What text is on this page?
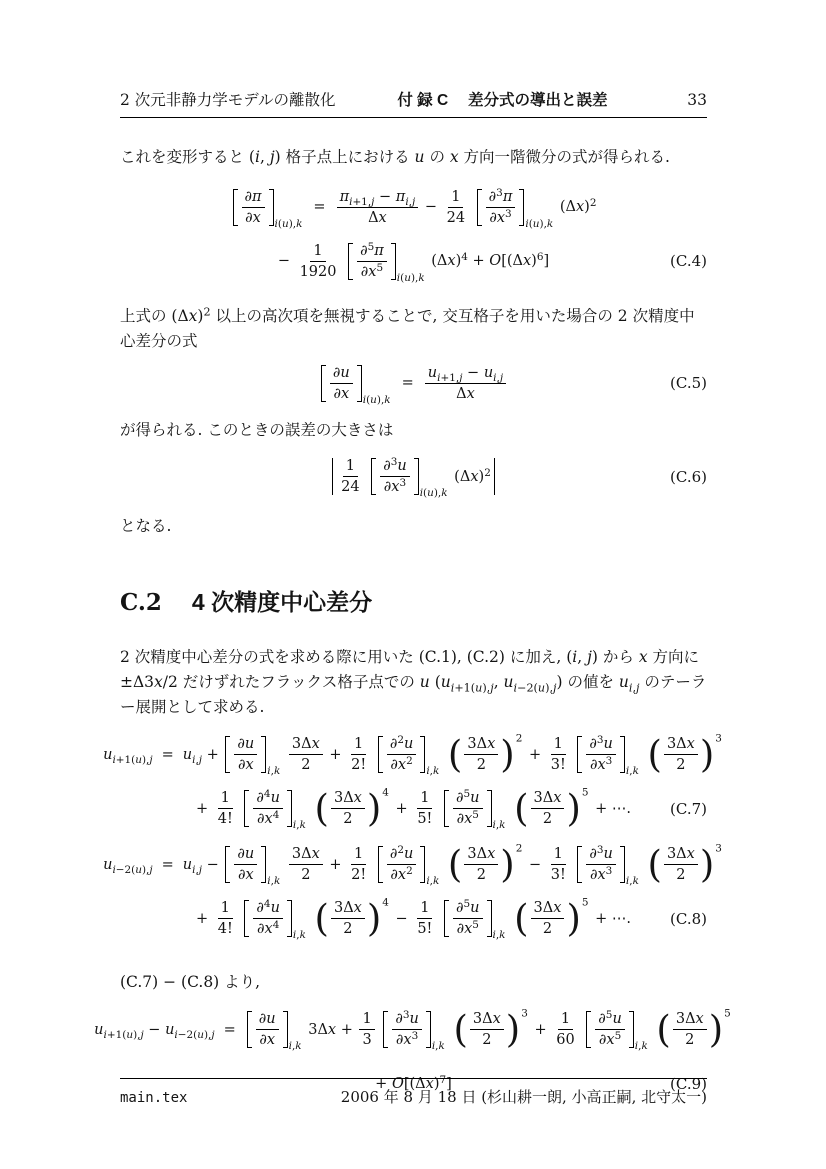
2 次元非静力学モデルの離散化	付 録 C　 差分式の導出と誤差	33

これを変形すると (i, j) 格子点上における u の x 方向一階微分の式が得られる.

$\frac{\partial\pi}{\partial x} i(u),k$
= $\frac{\pi_{i+1,j} - \pi_{i,j}}{\Delta x} - \frac{1}{24}$
$\frac{\partial^3\pi}{\partial x^3} i(u),k$
$(\Delta x)^2$
− $\frac{1}{1920}$
$\frac{\partial^5\pi}{\partial x^5} i(u),k$
$(\Delta x)^4 + O[(\Delta x)^6]$	(C.4)

上式の $(\Delta x)^2$ 以上の高次項を無視することで, 交互格子を用いた場合の 2 次精度中心差分の式

$\frac{\partial u}{\partial x} i(u),k$
= $\frac{u_{i+1,j} - u_{i,j}}{\Delta x}$	(C.5)

が得られる. このときの誤差の大きさは

$\frac{1}{24}$
$\frac{\partial^3u}{\partial x^3} i(u),k$
$(\Delta x)^2$	(C.6)

となる.

C.2 4 次精度中心差分

2 次精度中心差分の式を求める際に用いた (C.1), (C.2) に加え, (i, j) から x 方向に ±Δ3x/2 だけずれたフラックス格子点での u ($u_{i+1(u),j}$, $u_{i-2(u),j}$) の値を $u_{i,j}$ のテーラー展開として求める.

$u_{i+1(u),j} = u_{i,j} + \frac{\partial u}{\partial x} i,k$
$\frac{3\Delta x}{2} + \frac{1}{2!}$
$\frac{\partial^2u}{\partial x^2} i,k$
( $\frac{3\Delta x}{2}$ ) 2
+ $\frac{1}{3!}$
$\frac{\partial^3u}{\partial x^3} i,k$
( $\frac{3\Delta x}{2}$ ) 3
+ $\frac{1}{4!}$
$\frac{\partial^4u}{\partial x^4} i,k$
( $\frac{3\Delta x}{2}$ ) 4
+ $\frac{1}{5!}$
$\frac{\partial^5u}{\partial x^5} i,k$
( $\frac{3\Delta x}{2}$ ) 5
+ ⋯.	(C.7)
$u_{i-2(u),j} = u_{i,j} - \frac{\partial u}{\partial x} i,k$
$\frac{3\Delta x}{2} + \frac{1}{2!}$
$\frac{\partial^2u}{\partial x^2} i,k$
( $\frac{3\Delta x}{2}$ ) 2
− $\frac{1}{3!}$
$\frac{\partial^3u}{\partial x^3} i,k$
( $\frac{3\Delta x}{2}$ ) 3
+ $\frac{1}{4!}$
$\frac{\partial^4u}{\partial x^4} i,k$
( $\frac{3\Delta x}{2}$ ) 4
− $\frac{1}{5!}$
$\frac{\partial^5u}{\partial x^5} i,k$
( $\frac{3\Delta x}{2}$ ) 5
+ ⋯.	(C.8)

(C.7) − (C.8) より,

$u_{i+1(u),j} - u_{i-2(u),j} = \frac{\partial u}{\partial x} i,k$
$3\Delta x + \frac{1}{3}$
$\frac{\partial^3u}{\partial x^3} i,k$
( $\frac{3\Delta x}{2}$ ) 3
+ $\frac{1}{60}$
$\frac{\partial^5u}{\partial x^5} i,k$
( $\frac{3\Delta x}{2}$ ) 5
+ $O[(\Delta x)^7]$	(C.9)
main.tex	2006 年 8 月 18 日 (杉山耕一朗, 小高正嗣, 北守太一)
